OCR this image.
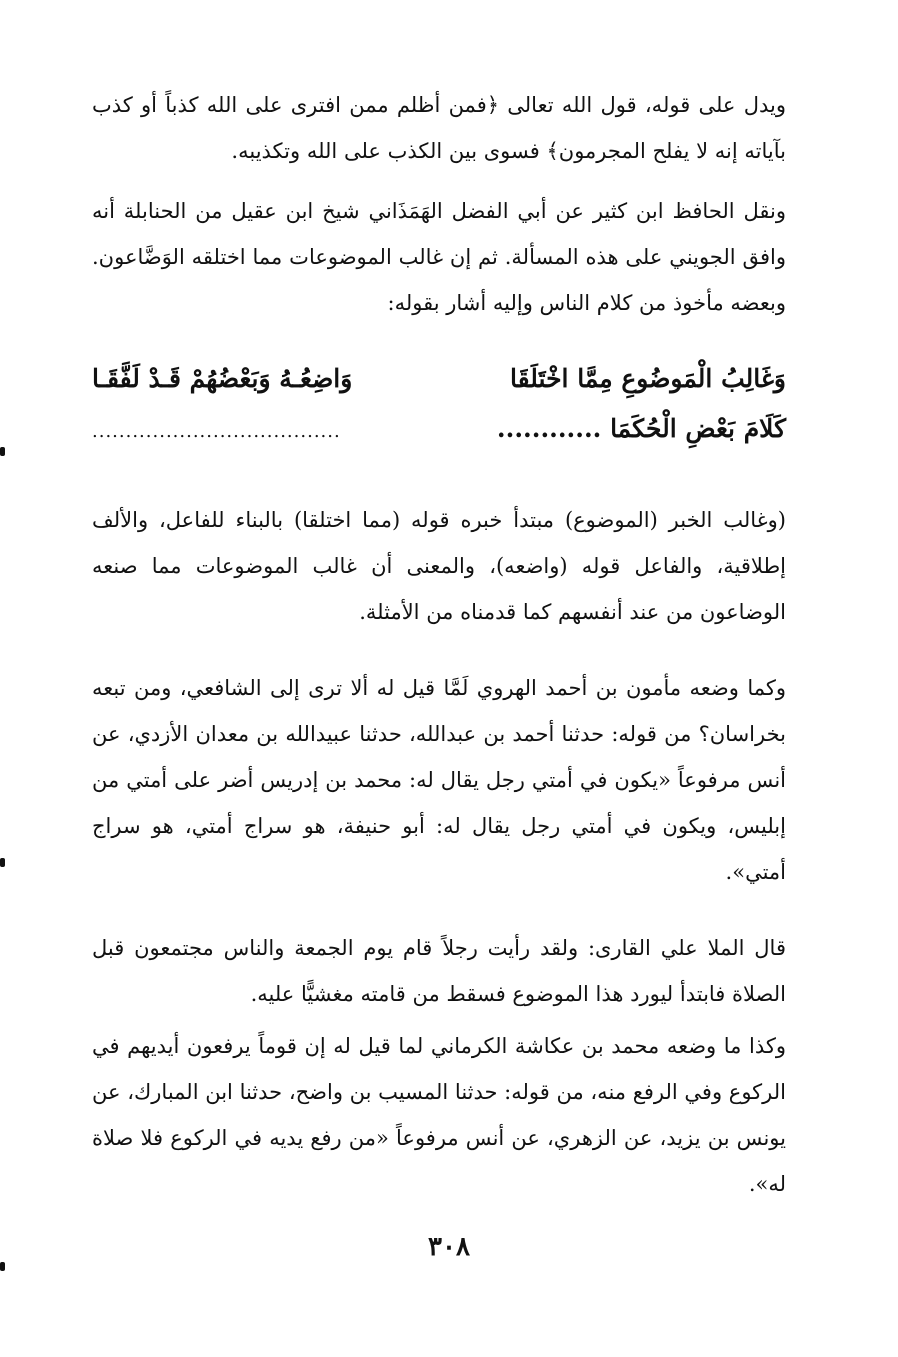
ويدل على قوله، قول الله تعالى ﴿فمن أظلم ممن افترى على الله كذباً أو كذب بآياته إنه لا يفلح المجرمون﴾ فسوى بين الكذب على الله وتكذيبه.

ونقل الحافظ ابن كثير عن أبي الفضل الهَمَذَاني شيخ ابن عقيل من الحنابلة أنه وافق الجويني على هذه المسألة. ثم إن غالب الموضوعات مما اختلقه الوَضَّاعون. وبعضه مأخوذ من كلام الناس وإليه أشار بقوله:

وَغَالِبُ الْمَوضُوعِ مِمَّا اخْتَلَقَا
وَاضِعُـهُ وَبَعْضُهُمْ قَـدْ لَفَّقَـا
كَلَامَ بَعْضِ الْحُكَمَا ............
.....................................

(وغالب الخبر (الموضوع) مبتدأ خبره قوله (مما اختلقا) بالبناء للفاعل، والألف إطلاقية، والفاعل قوله (واضعه)، والمعنى أن غالب الموضوعات مما صنعه الوضاعون من عند أنفسهم كما قدمناه من الأمثلة.

وكما وضعه مأمون بن أحمد الهروي لَمَّا قيل له ألا ترى إلى الشافعي، ومن تبعه بخراسان؟ من قوله: حدثنا أحمد بن عبدالله، حدثنا عبيدالله بن معدان الأزدي، عن أنس مرفوعاً «يكون في أمتي رجل يقال له: محمد بن إدريس أضر على أمتي من إبليس، ويكون في أمتي رجل يقال له: أبو حنيفة، هو سراج أمتي، هو سراج أمتي».

قال الملا علي القارى: ولقد رأيت رجلاً قام يوم الجمعة والناس مجتمعون قبل الصلاة فابتدأ ليورد هذا الموضوع فسقط من قامته مغشيًّا عليه.

وكذا ما وضعه محمد بن عكاشة الكرماني لما قيل له إن قوماً يرفعون أيديهم في الركوع وفي الرفع منه، من قوله: حدثنا المسيب بن واضح، حدثنا ابن المبارك، عن يونس بن يزيد، عن الزهري، عن أنس مرفوعاً «من رفع يديه في الركوع فلا صلاة له».

٣٠٨
